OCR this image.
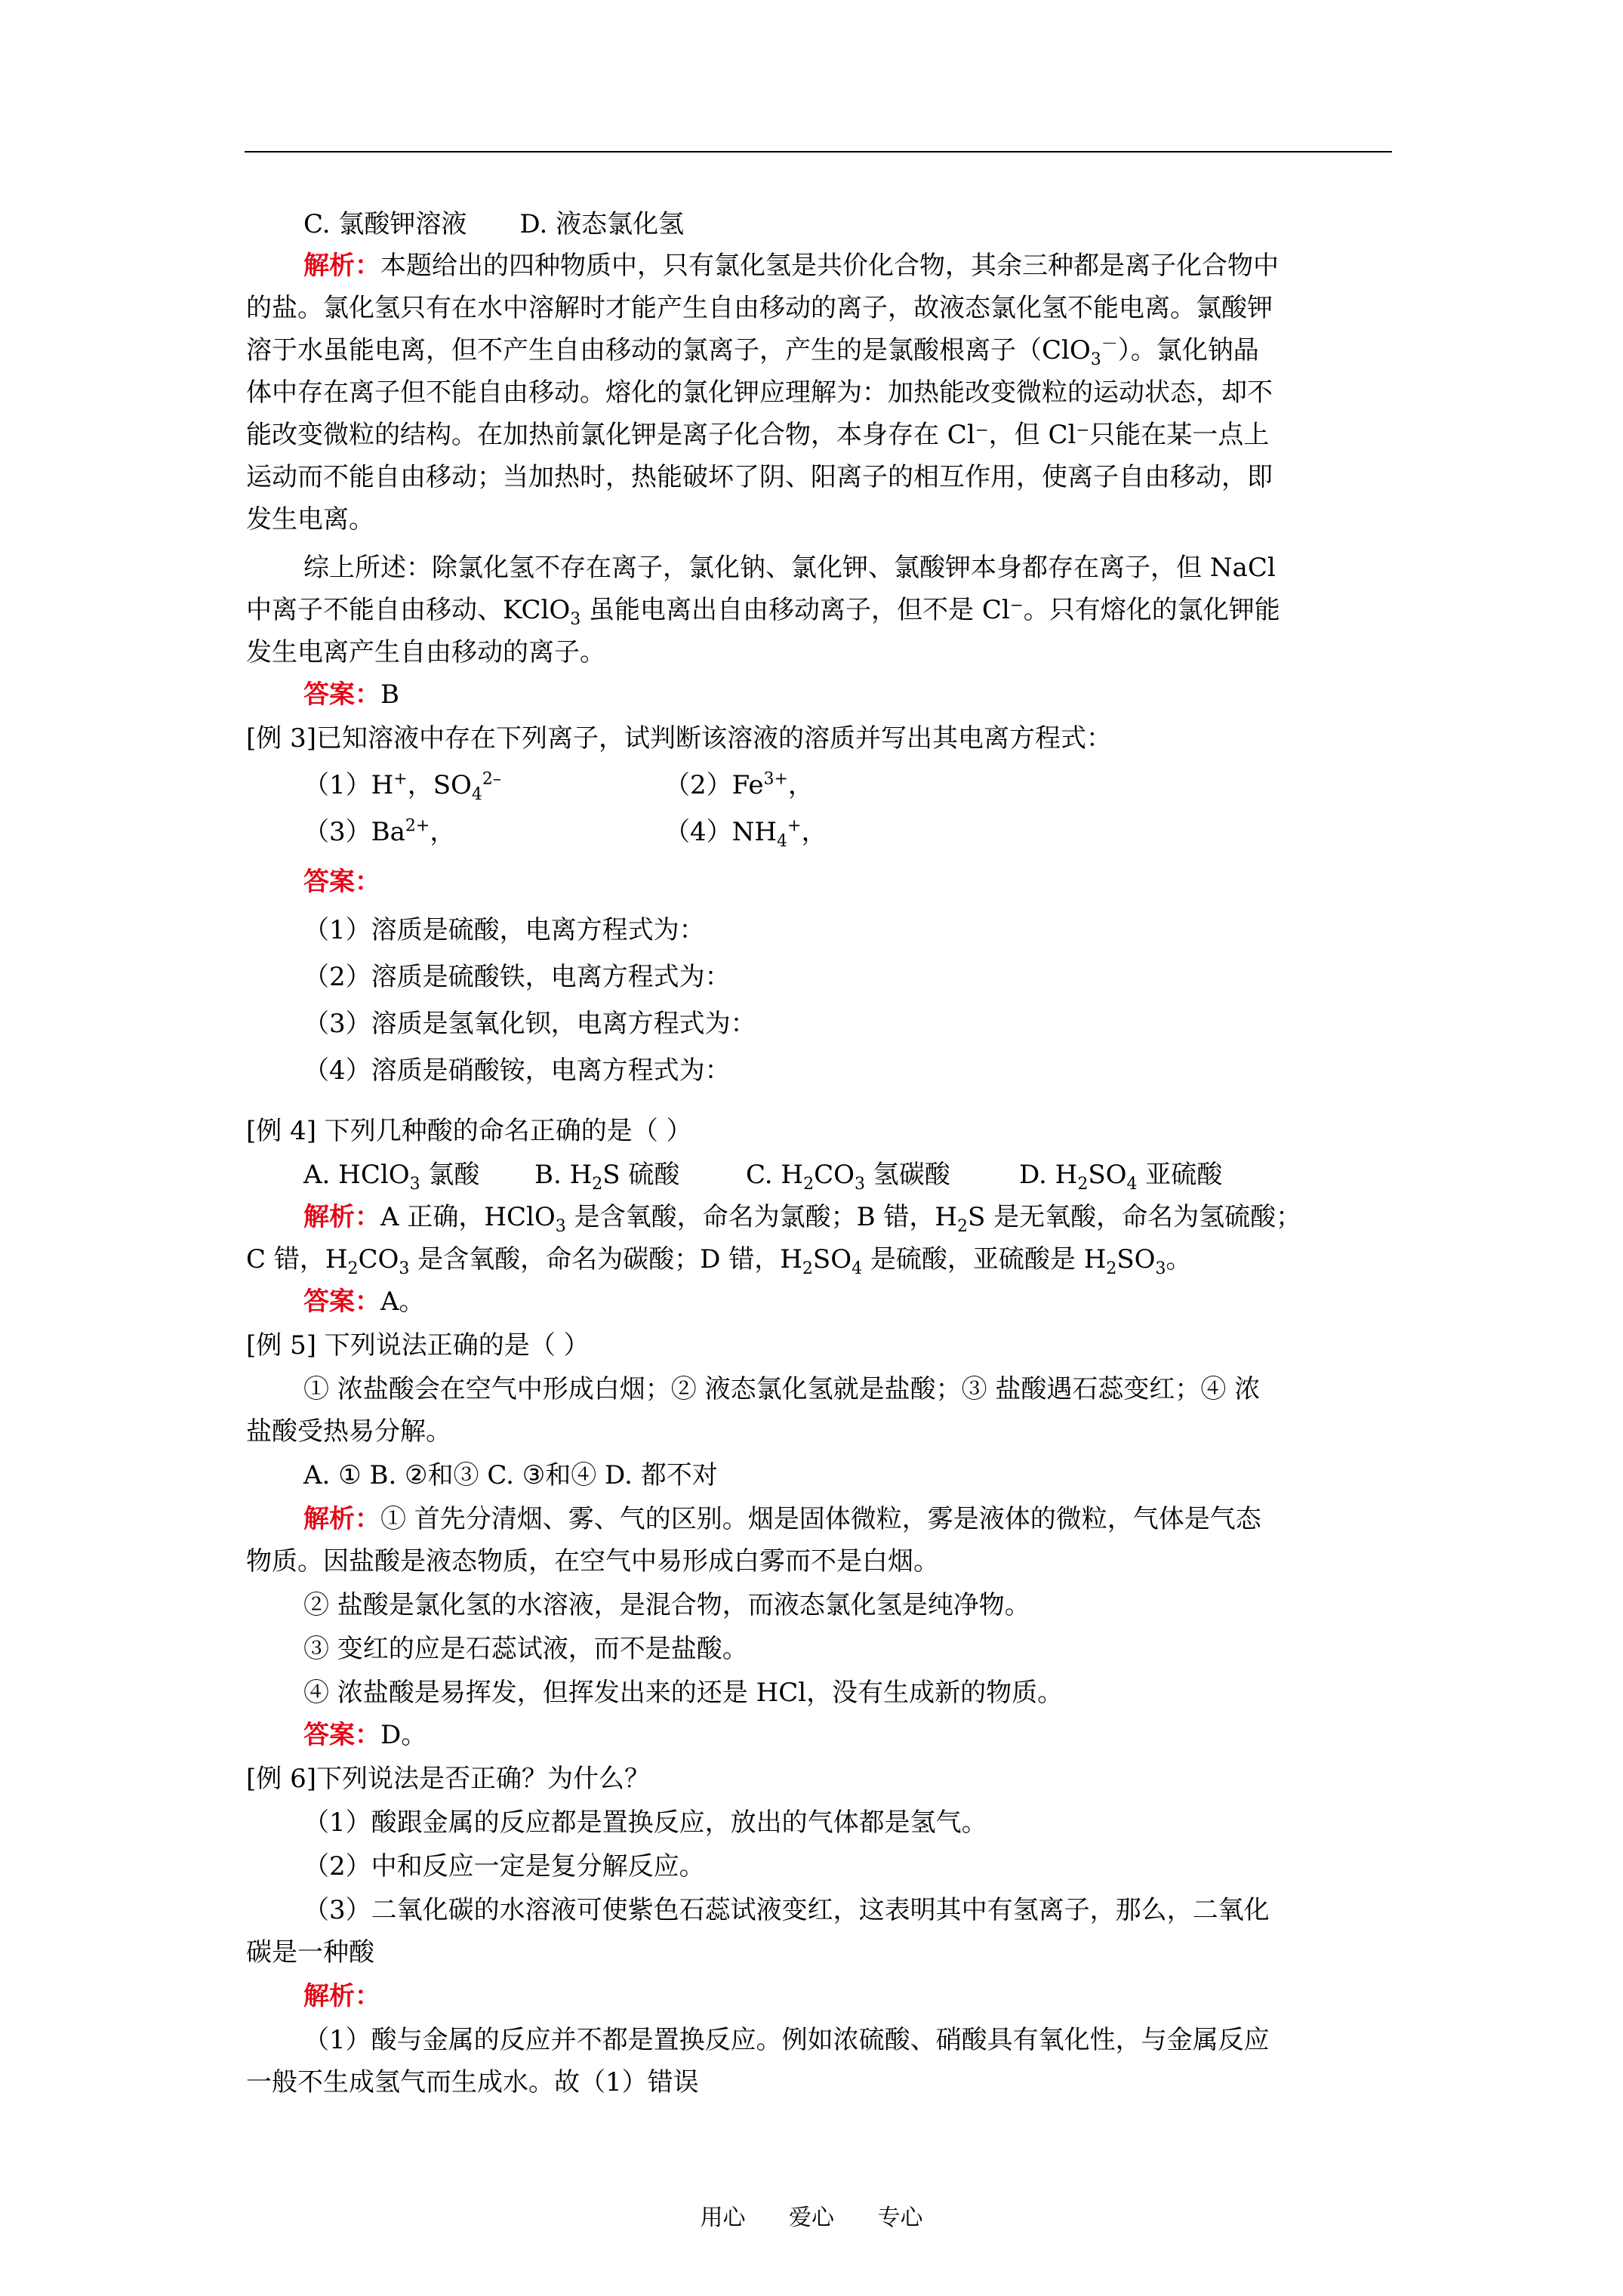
C. 氯酸钾溶液 D. 液态氯化氢
解析：本题给出的四种物质中，只有氯化氢是共价化合物，其余三种都是离子化合物中
的盐。氯化氢只有在水中溶解时才能产生自由移动的离子，故液态氯化氢不能电离。氯酸钾
溶于水虽能电离，但不产生自由移动的氯离子，产生的是氯酸根离子（ClO$_3$－）。氯化钠晶
体中存在离子但不能自由移动。熔化的氯化钾应理解为：加热能改变微粒的运动状态，却不
能改变微粒的结构。在加热前氯化钾是离子化合物，本身存在 Cl⁻，但 Cl⁻只能在某一点上
运动而不能自由移动；当加热时，热能破坏了阴、阳离子的相互作用，使离子自由移动，即
发生电离。
综上所述：除氯化氢不存在离子，氯化钠、氯化钾、氯酸钾本身都存在离子，但 NaCl
中离子不能自由移动、KClO$_3$ 虽能电离出自由移动离子，但不是 Cl⁻。只有熔化的氯化钾能
发生电离产生自由移动的离子。
答案：B
[例 3]已知溶液中存在下列离子，试判断该溶液的溶质并写出其电离方程式：
（1）H+，$SO_4^{2-}$	$(2)Fe^{3+}$，
$(3)Ba^{2+}$，	$(4)NH_4^+$，
答案：
（1）溶质是硫酸，电离方程式为：
（2）溶质是硫酸铁，电离方程式为：
（3）溶质是氢氧化钡，电离方程式为：
（4）溶质是硝酸铵，电离方程式为：
[例 4] 下列几种酸的命名正确的是（ ）
A. HClO$_3$ 氯酸 B. $H_2S$ 硫酸	C. $H_2CO_3$ 氢碳酸	D. $H_2SO_4$ 亚硫酸
解析：A 正确，HClO$_3$ 是含氧酸，命名为氯酸；B 错，$H_2S$ 是无氧酸，命名为氢硫酸；
C 错，$H_2CO_3$ 是含氧酸，命名为碳酸；D 错，$H_2SO_4$ 是硫酸，亚硫酸是 $H_2SO_3$。
答案：A。
[例 5] 下列说法正确的是（ ）
① 浓盐酸会在空气中形成白烟；② 液态氯化氢就是盐酸；③ 盐酸遇石蕊变红；④ 浓
盐酸受热易分解。
A. ① B. ②和③ C. ③和④ D. 都不对
解析：① 首先分清烟、雾、气的区别。烟是固体微粒，雾是液体的微粒，气体是气态
物质。因盐酸是液态物质，在空气中易形成白雾而不是白烟。
② 盐酸是氯化氢的水溶液，是混合物，而液态氯化氢是纯净物。
③ 变红的应是石蕊试液，而不是盐酸。
④ 浓盐酸是易挥发，但挥发出来的还是 HCl，没有生成新的物质。
答案：D。
[例 6]下列说法是否正确？为什么？
（1）酸跟金属的反应都是置换反应，放出的气体都是氢气。
（2）中和反应一定是复分解反应。
（3）二氧化碳的水溶液可使紫色石蕊试液变红，这表明其中有氢离子，那么，二氧化
碳是一种酸
解析：
（1）酸与金属的反应并不都是置换反应。例如浓硫酸、硝酸具有氧化性，与金属反应
一般不生成氢气而生成水。故（1）错误
用心 爱心 专心
